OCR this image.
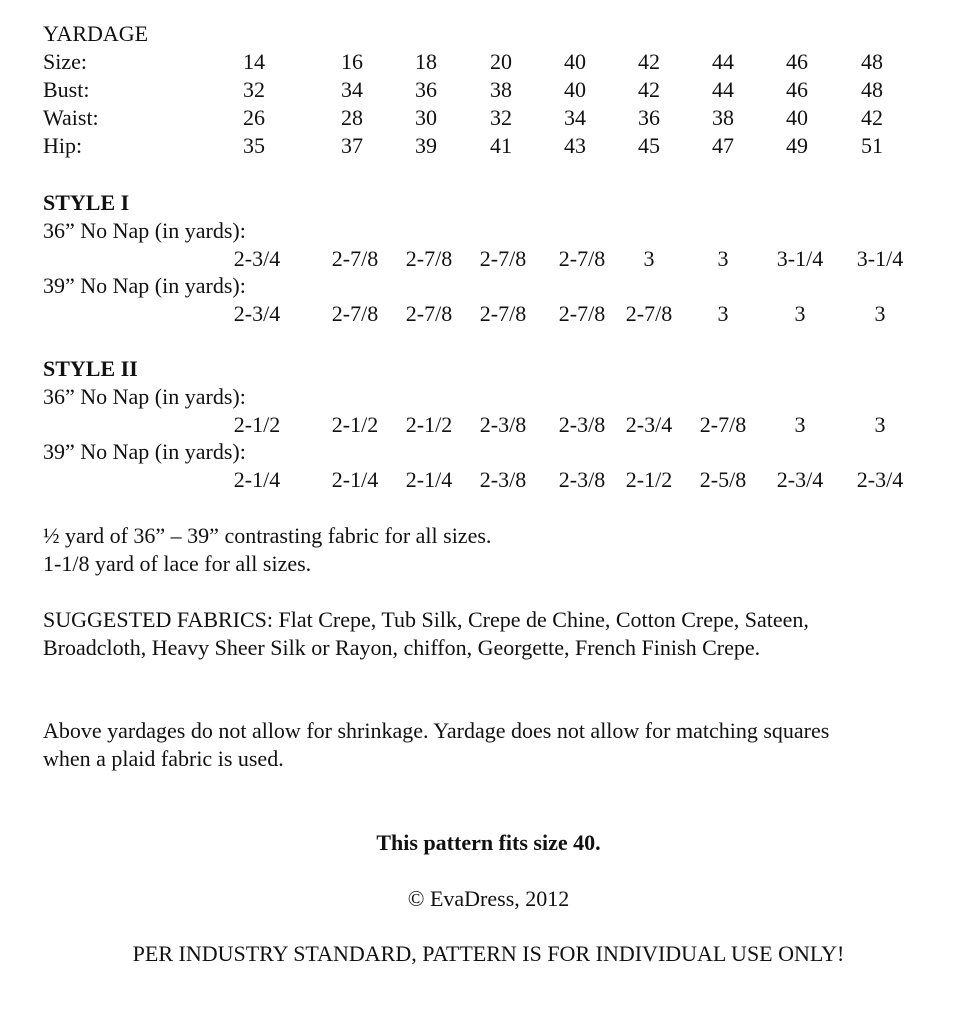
YARDAGE
Size:	14	16 18 20 40 42 44 46 48
Bust:	32	34 36 38 40 42 44 46 48
Waist:	26	28 30 32 34 36 38 40 42
Hip:	35	37 39 41 43 45 47 49 51
STYLE I
36” No Nap (in yards):
2-3/4 2-7/8 2-7/8 2-7/8 2-7/8 3	3 3-1/4 3-1/4
39” No Nap (in yards):
2-3/4 2-7/8 2-7/8 2-7/8 2-7/8 2-7/8 3	3	3
STYLE II
36” No Nap (in yards):
2-1/2 2-1/2 2-1/2 2-3/8 2-3/8 2-3/4 2-7/8 3	3
39” No Nap (in yards):
2-1/4 2-1/4 2-1/4 2-3/8 2-3/8 2-1/2 2-5/8 2-3/4 2-3/4
½ yard of 36” – 39” contrasting fabric for all sizes.
1-1/8 yard of lace for all sizes.
SUGGESTED FABRICS: Flat Crepe, Tub Silk, Crepe de Chine, Cotton Crepe, Sateen,
Broadcloth, Heavy Sheer Silk or Rayon, chiffon, Georgette, French Finish Crepe.
Above yardages do not allow for shrinkage. Yardage does not allow for matching squares
when a plaid fabric is used.
This pattern fits size 40.
© EvaDress, 2012
PER INDUSTRY STANDARD, PATTERN IS FOR INDIVIDUAL USE ONLY!
